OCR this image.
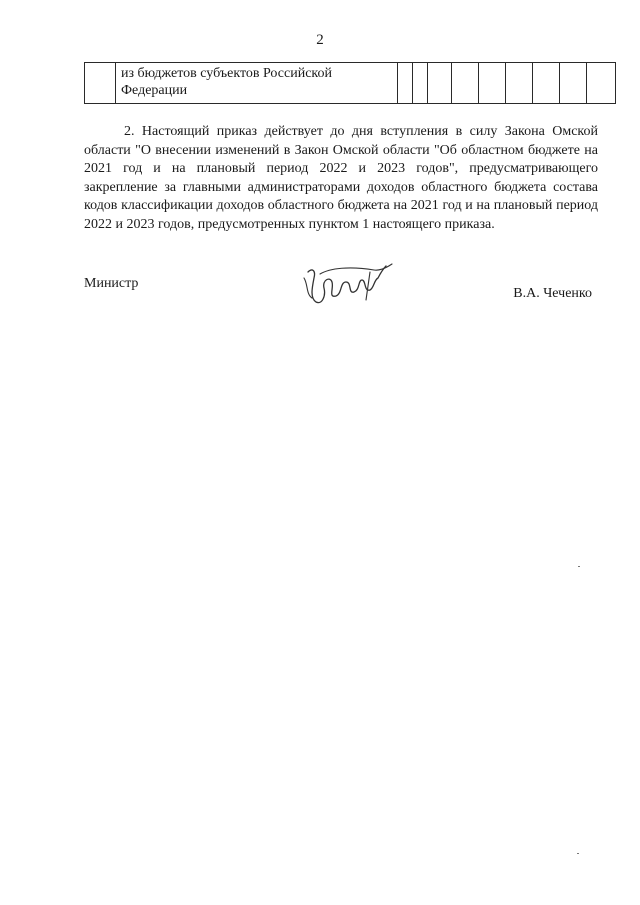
2

из бюджетов субъектов Российской
Федерации

2. Настоящий приказ действует до дня вступления в силу Закона Омской области "О внесении изменений в Закон Омской области "Об областном бюджете на 2021 год и на плановый период 2022 и 2023 годов", предусматривающего закрепление за главными администраторами доходов областного бюджета состава кодов классификации доходов областного бюджета на 2021 год и на плановый период 2022 и 2023 годов, предусмотренных пунктом 1 настоящего приказа.

Министр
В.А. Чеченко
